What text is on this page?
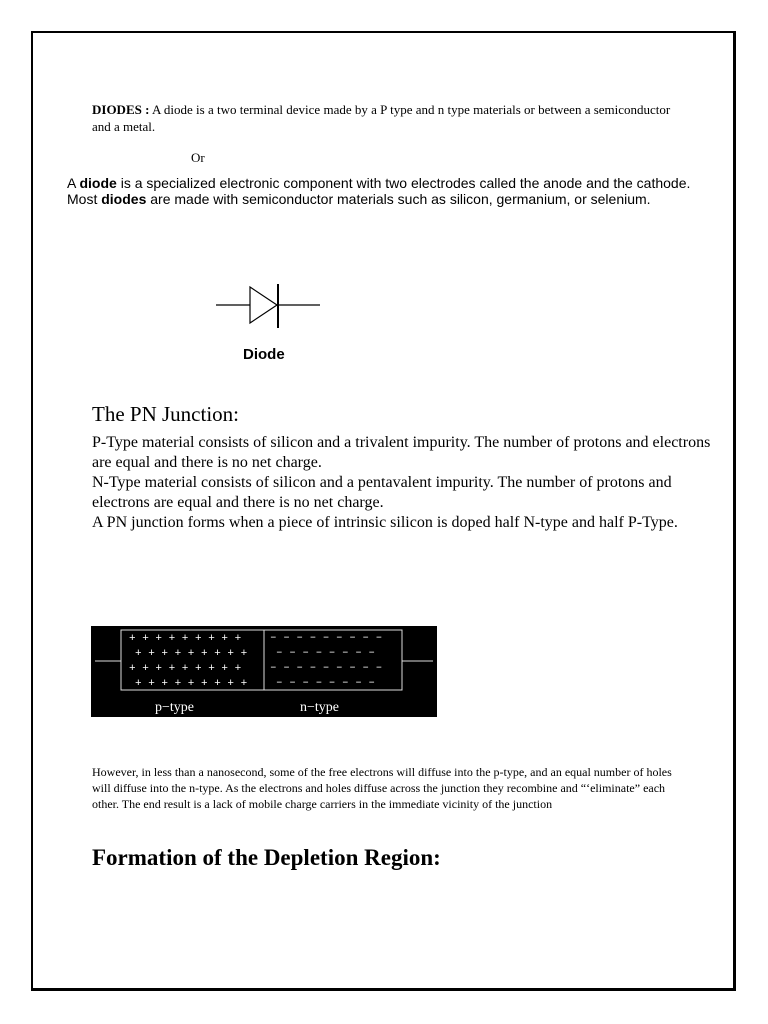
DIODES : A diode is a two terminal device made by a P type and n type materials or between a semiconductor and a metal.
Or
A diode is a specialized electronic component with two electrodes called the anode and the cathode. Most diodes are made with semiconductor materials such as silicon, germanium, or selenium.
Diode
The PN Junction:

P-Type material consists of silicon and a trivalent impurity. The number of protons and electrons are equal and there is no net charge.

N-Type material consists of silicon and a pentavalent impurity. The number of protons and electrons are equal and there is no net charge.

A PN junction forms when a piece of intrinsic silicon is doped half N-type and half P-Type.

+ + + + + + + + +
+ + + + + + + + +
+ + + + + + + + +
+ + + + + + + + +
– – – – – – – – –
– – – – – – – –
– – – – – – – – –
– – – – – – – –
p−type	n−type
However, in less than a nanosecond, some of the free electrons will diffuse into the p-type, and an equal number of holes will diffuse into the n-type. As the electrons and holes diffuse across the junction they recombine and “‘eliminate” each other. The end result is a lack of mobile charge carriers in the immediate vicinity of the junction
Formation of the Depletion Region:
